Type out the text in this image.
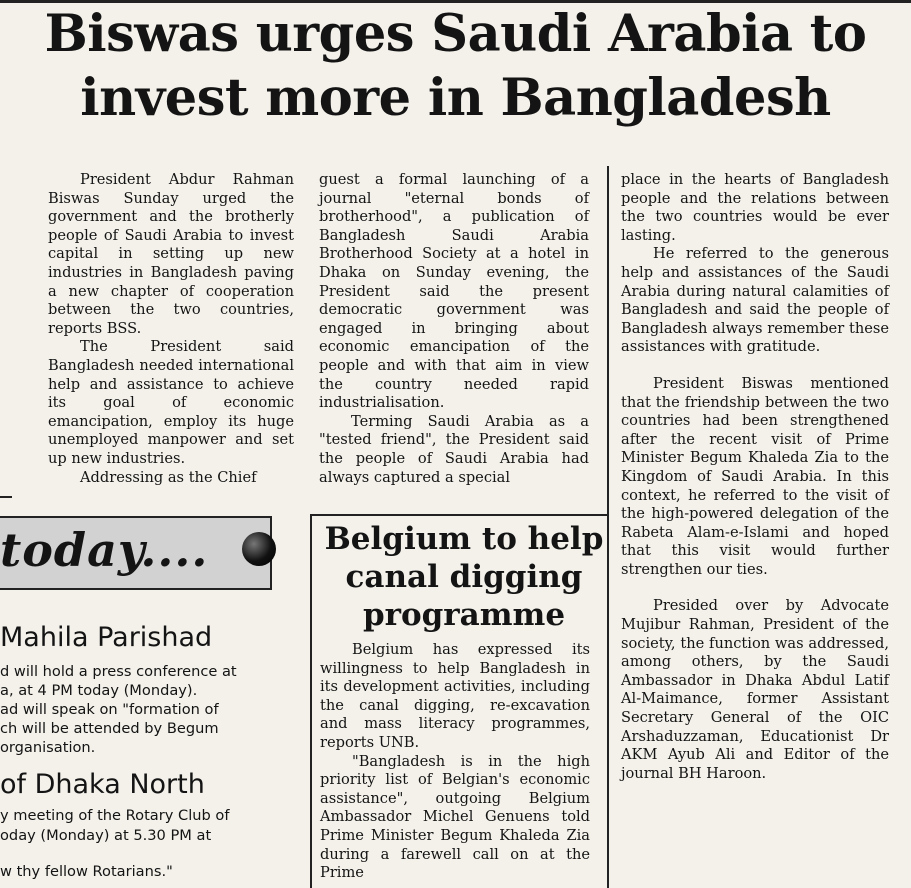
Biswas urges Saudi Arabia to invest more in Bangladesh

President Abdur Rahman Biswas Sunday urged the government and the brotherly people of Saudi Arabia to invest capital in setting up new industries in Bangladesh paving a new chapter of cooperation between the two countries, reports BSS.

The President said Bangladesh needed international help and assistance to achieve its goal of economic emancipation, employ its huge unemployed manpower and set up new industries.

Addressing as the Chief

guest a formal launching of a journal "eternal bonds of brotherhood", a publication of Bangladesh Saudi Arabia Brotherhood Society at a hotel in Dhaka on Sunday evening, the President said the present democratic government was engaged in bringing about economic emancipation of the people and with that aim in view the country needed rapid industrialisation.

Terming Saudi Arabia as a "tested friend", the President said the people of Saudi Arabia had always captured a special

place in the hearts of Bangladesh people and the relations between the two countries would be ever lasting.

He referred to the generous help and assistances of the Saudi Arabia during natural calamities of Bangladesh and said the people of Bangladesh always remember these assistances with gratitude.

President Biswas mentioned that the friendship between the two countries had been strengthened after the recent visit of Prime Minister Begum Khaleda Zia to the Kingdom of Saudi Arabia. In this context, he referred to the visit of the high-powered delegation of the Rabeta Alam-e-Islami and hoped that this visit would further strengthen our ties.

Presided over by Advocate Mujibur Rahman, President of the society, the function was addressed, among others, by the Saudi Ambassador in Dhaka Abdul Latif Al-Maimance, former Assistant Secretary General of the OIC Arshaduzzaman, Educationist Dr AKM Ayub Ali and Editor of the journal BH Haroon.

today....
Mahila Parishad
d will hold a press conference at
a, at 4 PM today (Monday).
ad will speak on "formation of
ch will be attended by Begum
organisation.
of Dhaka North
y meeting of the Rotary Club of
oday (Monday) at 5.30 PM at
w thy fellow Rotarians."
Belgium to help canal digging programme

Belgium has expressed its willingness to help Bangladesh in its development activities, including the canal digging, re-excavation and mass literacy programmes, reports UNB.

"Bangladesh is in the high priority list of Belgian's economic assistance", outgoing Belgium Ambassador Michel Genuens told Prime Minister Begum Khaleda Zia during a farewell call on at the Prime
